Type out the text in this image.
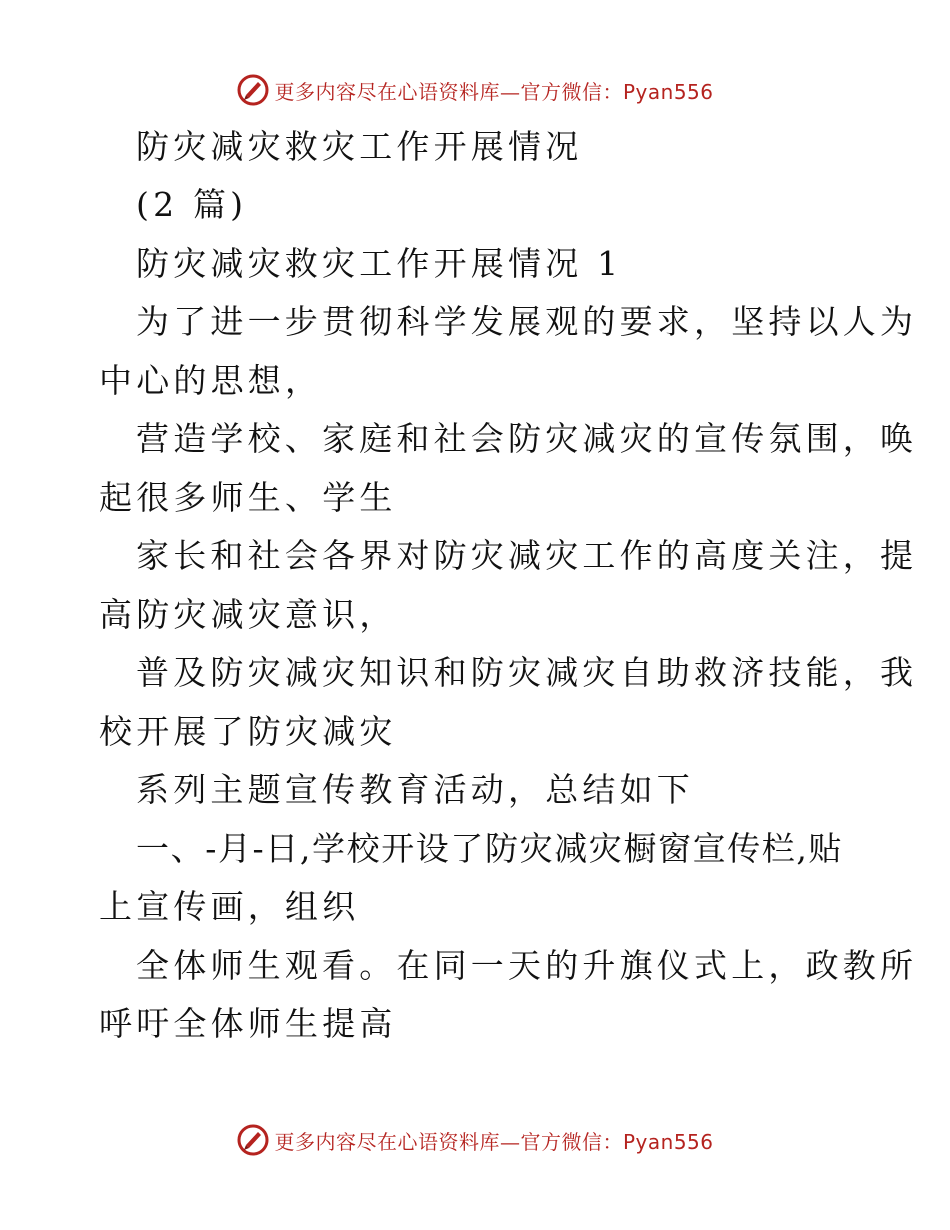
更多内容尽在心语资料库—官方微信：Pyan556
防灾减灾救灾工作开展情况
(2 篇)
防灾减灾救灾工作开展情况 1
为了进一步贯彻科学发展观的要求，坚持以人为
中心的思想，
营造学校、家庭和社会防灾减灾的宣传氛围，唤
起很多师生、学生
家长和社会各界对防灾减灾工作的高度关注，提
高防灾减灾意识，
普及防灾减灾知识和防灾减灾自助救济技能，我
校开展了防灾减灾
系列主题宣传教育活动，总结如下
一、-月-日,学校开设了防灾减灾橱窗宣传栏,贴
上宣传画，组织
全体师生观看。在同一天的升旗仪式上，政教所
呼吁全体师生提高
更多内容尽在心语资料库—官方微信：Pyan556
